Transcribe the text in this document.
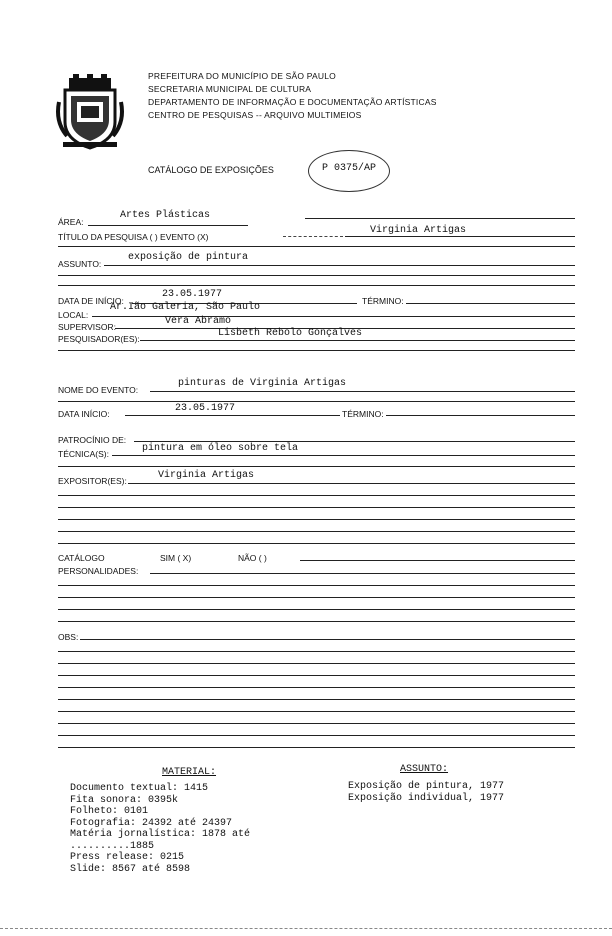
PREFEITURA DO MUNICÍPIO DE SÃO PAULO
SECRETARIA MUNICIPAL DE CULTURA
DEPARTAMENTO DE INFORMAÇÃO E DOCUMENTAÇÃO ARTÍSTICAS
CENTRO DE PESQUISAS -- ARQUIVO MULTIMEIOS
CATÁLOGO DE EXPOSIÇÕES	P 0375/AP
ÁREA:
Artes Plásticas
TÍTULO DA PESQUISA ( ) EVENTO (X)
Virginia Artigas
ASSUNTO:
exposição de pintura
DATA DE INÍCIO:
23.05.1977
TÉRMINO:
LOCAL:
Ar.Ião Galeria, São Paulo
SUPERVISOR:	Vera Abramo
PESQUISADOR(ES):	Lisbeth Rebolo Gonçalves
NOME DO EVENTO:
pinturas de Virginia Artigas
DATA INÍCIO:	23.05.1977	TÉRMINO:
PATROCÍNIO DE:
TÉCNICA(S):	pintura em óleo sobre tela
EXPOSITOR(ES):	Virginia Artigas
CATÁLOGO	SIM ( X)	NÃO ( )
PERSONALIDADES:
OBS:
MATERIAL:
Documento textual: 1415
Fita sonora: 0395k
Folheto: 0101
Fotografia: 24392 até 24397
Matéria jornalística: 1878 até
..........1885
Press release: 0215
Slide: 8567 até 8598
ASSUNTO:
Exposição de pintura, 1977
Exposição individual, 1977
